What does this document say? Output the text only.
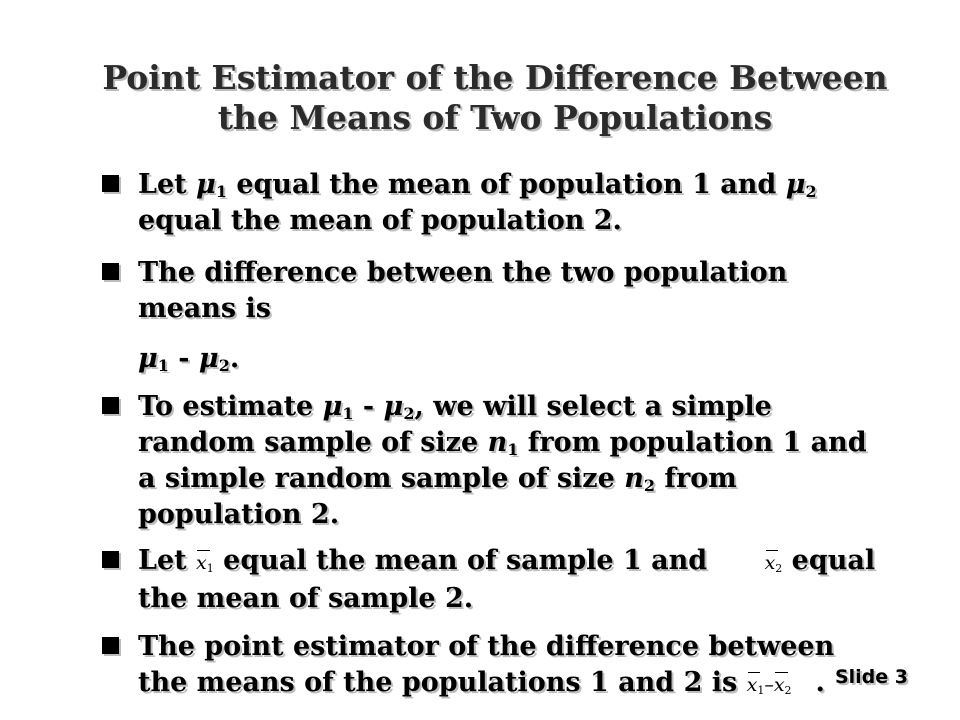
Point Estimator of the Difference Between
the Means of Two Populations
Let $\mu_1$ equal the mean of population 1 and $\mu_2$ equal the mean of population 2.
The difference between the two population means is
$\mu_1 - \mu_2$.
To estimate $\mu_1 - \mu_2$, we will select a simple random sample of size $n_1$ from population 1 and a simple random sample of size $n_2$ from population 2.
Let
$x_1$ equal the mean of sample 1 and	$x_2$ equal the mean of sample 2.
The point estimator of the difference between the means of the populations 1 and 2 is
$x_1-$
$x_2$ . Slide 3
